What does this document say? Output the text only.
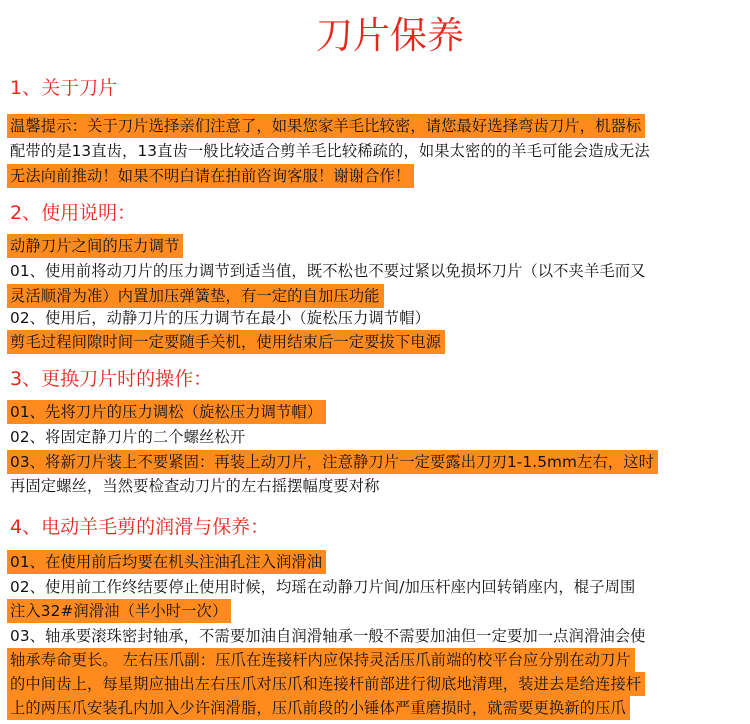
刀片保养
1、关于刀片
温馨提示：关于刀片选择亲们注意了，如果您家羊毛比较密，请您最好选择弯齿刀片，机器标
配带的是13直齿，13直齿一般比较适合剪羊毛比较稀疏的，如果太密的的羊毛可能会造成无法
无法向前推动！如果不明白请在拍前咨询客服！谢谢合作！
2、使用说明：
动静刀片之间的压力调节
01、使用前将动刀片的压力调节到适当值，既不松也不要过紧以免损坏刀片（以不夹羊毛而又
灵活顺滑为准）内置加压弹簧垫，有一定的自加压功能
02、使用后，动静刀片的压力调节在最小（旋松压力调节帽）
剪毛过程间隙时间一定要随手关机，使用结束后一定要拔下电源
3、更换刀片时的操作：
01、先将刀片的压力调松（旋松压力调节帽）
02、将固定静刀片的二个螺丝松开
03、将新刀片装上不要紧固：再装上动刀片，注意静刀片一定要露出刀刃1-1.5mm左右，这时
再固定螺丝，当然要检查动刀片的左右摇摆幅度要对称
4、电动羊毛剪的润滑与保养：
01、在使用前后均要在机头注油孔注入润滑油
02、使用前工作终结要停止使用时候，均瑶在动静刀片间/加压杆座内回转销座内，棍子周围
注入32#润滑油（半小时一次）
03、轴承要滚珠密封轴承，不需要加油自润滑轴承一般不需要加油但一定要加一点润滑油会使
轴承寿命更长。 左右压爪副：压爪在连接杆内应保持灵活压爪前端的校平台应分别在动刀片
的中间齿上，每星期应抽出左右压爪对压爪和连接杆前部进行彻底地清理，装进去是给连接杆
上的两压爪安装孔内加入少许润滑脂，压爪前段的小锤体严重磨损时，就需要更换新的压爪
